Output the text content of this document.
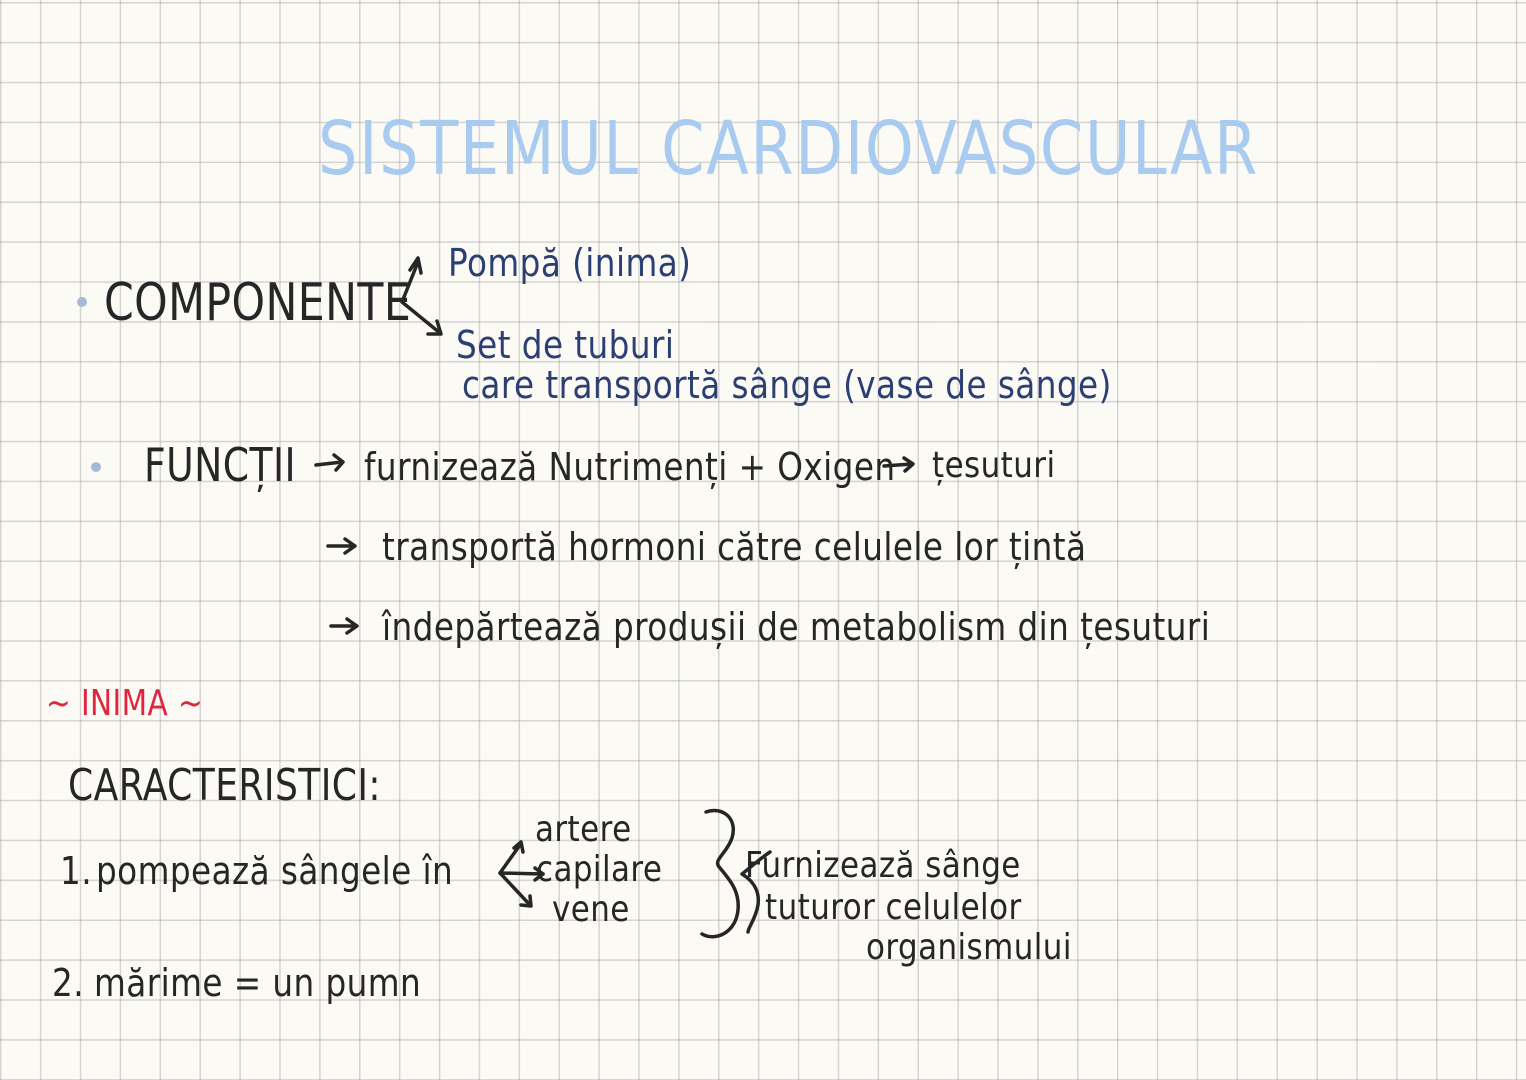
SISTEMUL CARDIOVASCULAR
COMPONENTE
Pompă (inima)
Set de tuburi
care transportă sânge (vase de sânge)
FUNCȚII furnizează Nutrimenți + Oxigen țesuturi
transportă hormoni către celulele lor țintă
îndepărtează produșii de metabolism din țesuturi
~ INIMA ~
CARACTERISTICI:
1. pompează sângele în
artere
capilare
vene
Furnizează sânge
tuturor celulelor
organismului
2. mărime = un pumn
